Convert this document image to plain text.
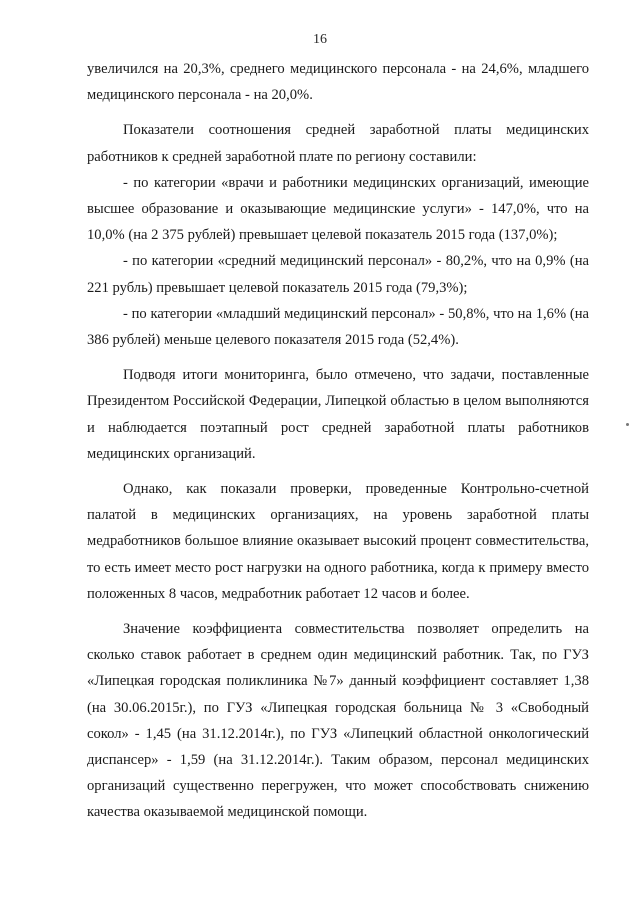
16

увеличился на 20,3%, среднего медицинского персонала - на 24,6%, младшего медицинского персонала - на 20,0%.

Показатели соотношения средней заработной платы медицинских работников к средней заработной плате по региону составили:

- по категории «врачи и работники медицинских организаций, имеющие высшее образование и оказывающие медицинские услуги» - 147,0%, что на 10,0% (на 2 375 рублей) превышает целевой показатель 2015 года (137,0%);

- по категории «средний медицинский персонал» - 80,2%, что на 0,9% (на 221 рубль) превышает целевой показатель 2015 года (79,3%);

- по категории «младший медицинский персонал» - 50,8%, что на 1,6% (на 386 рублей) меньше целевого показателя 2015 года (52,4%).

Подводя итоги мониторинга, было отмечено, что задачи, поставленные Президентом Российской Федерации, Липецкой областью в целом выполняются и наблюдается поэтапный рост средней заработной платы работников медицинских организаций.

Однако, как показали проверки, проведенные Контрольно-счетной палатой в медицинских организациях, на уровень заработной платы медработников большое влияние оказывает высокий процент совместительства, то есть имеет место рост нагрузки на одного работника, когда к примеру вместо положенных 8 часов, медработник работает 12 часов и более.

Значение коэффициента совместительства позволяет определить на сколько ставок работает в среднем один медицинский работник. Так, по ГУЗ «Липецкая городская поликлиника №7» данный коэффициент составляет 1,38 (на 30.06.2015г.), по ГУЗ «Липецкая городская больница № 3 «Свободный сокол» - 1,45 (на 31.12.2014г.), по ГУЗ «Липецкий областной онкологический диспансер» - 1,59 (на 31.12.2014г.). Таким образом, персонал медицинских организаций существенно перегружен, что может способствовать снижению качества оказываемой медицинской помощи.
